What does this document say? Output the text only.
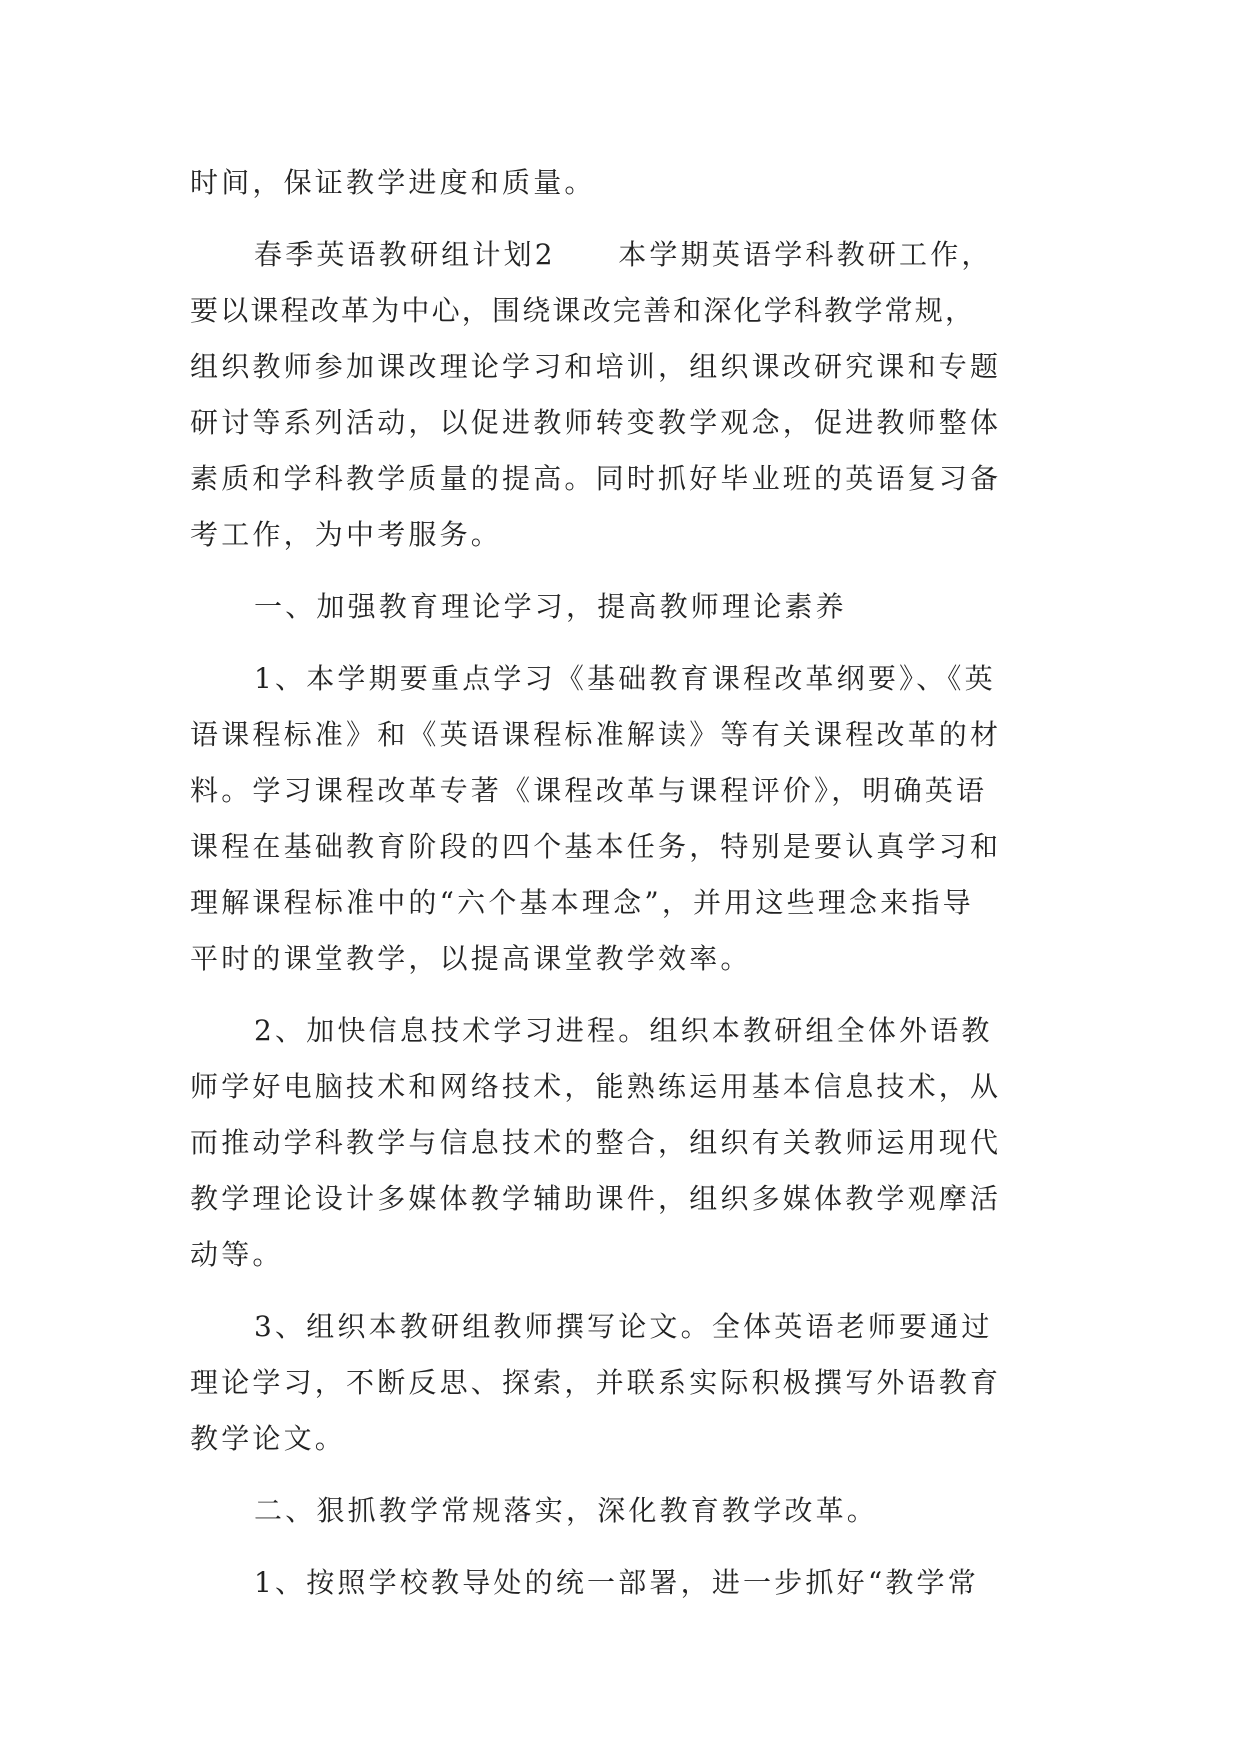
时间，保证教学进度和质量。
春季英语教研组计划2　　本学期英语学科教研工作，
要以课程改革为中心，围绕课改完善和深化学科教学常规，
组织教师参加课改理论学习和培训，组织课改研究课和专题
研讨等系列活动，以促进教师转变教学观念，促进教师整体
素质和学科教学质量的提高。同时抓好毕业班的英语复习备
考工作，为中考服务。
一、加强教育理论学习，提高教师理论素养
1、本学期要重点学习《基础教育课程改革纲要》、《英
语课程标准》和《英语课程标准解读》等有关课程改革的材
料。学习课程改革专著《课程改革与课程评价》，明确英语
课程在基础教育阶段的四个基本任务，特别是要认真学习和
理解课程标准中的“六个基本理念”，并用这些理念来指导
平时的课堂教学，以提高课堂教学效率。
2、加快信息技术学习进程。组织本教研组全体外语教
师学好电脑技术和网络技术，能熟练运用基本信息技术，从
而推动学科教学与信息技术的整合，组织有关教师运用现代
教学理论设计多媒体教学辅助课件，组织多媒体教学观摩活
动等。
3、组织本教研组教师撰写论文。全体英语老师要通过
理论学习，不断反思、探索，并联系实际积极撰写外语教育
教学论文。
二、狠抓教学常规落实，深化教育教学改革。
1、按照学校教导处的统一部署，进一步抓好“教学常
